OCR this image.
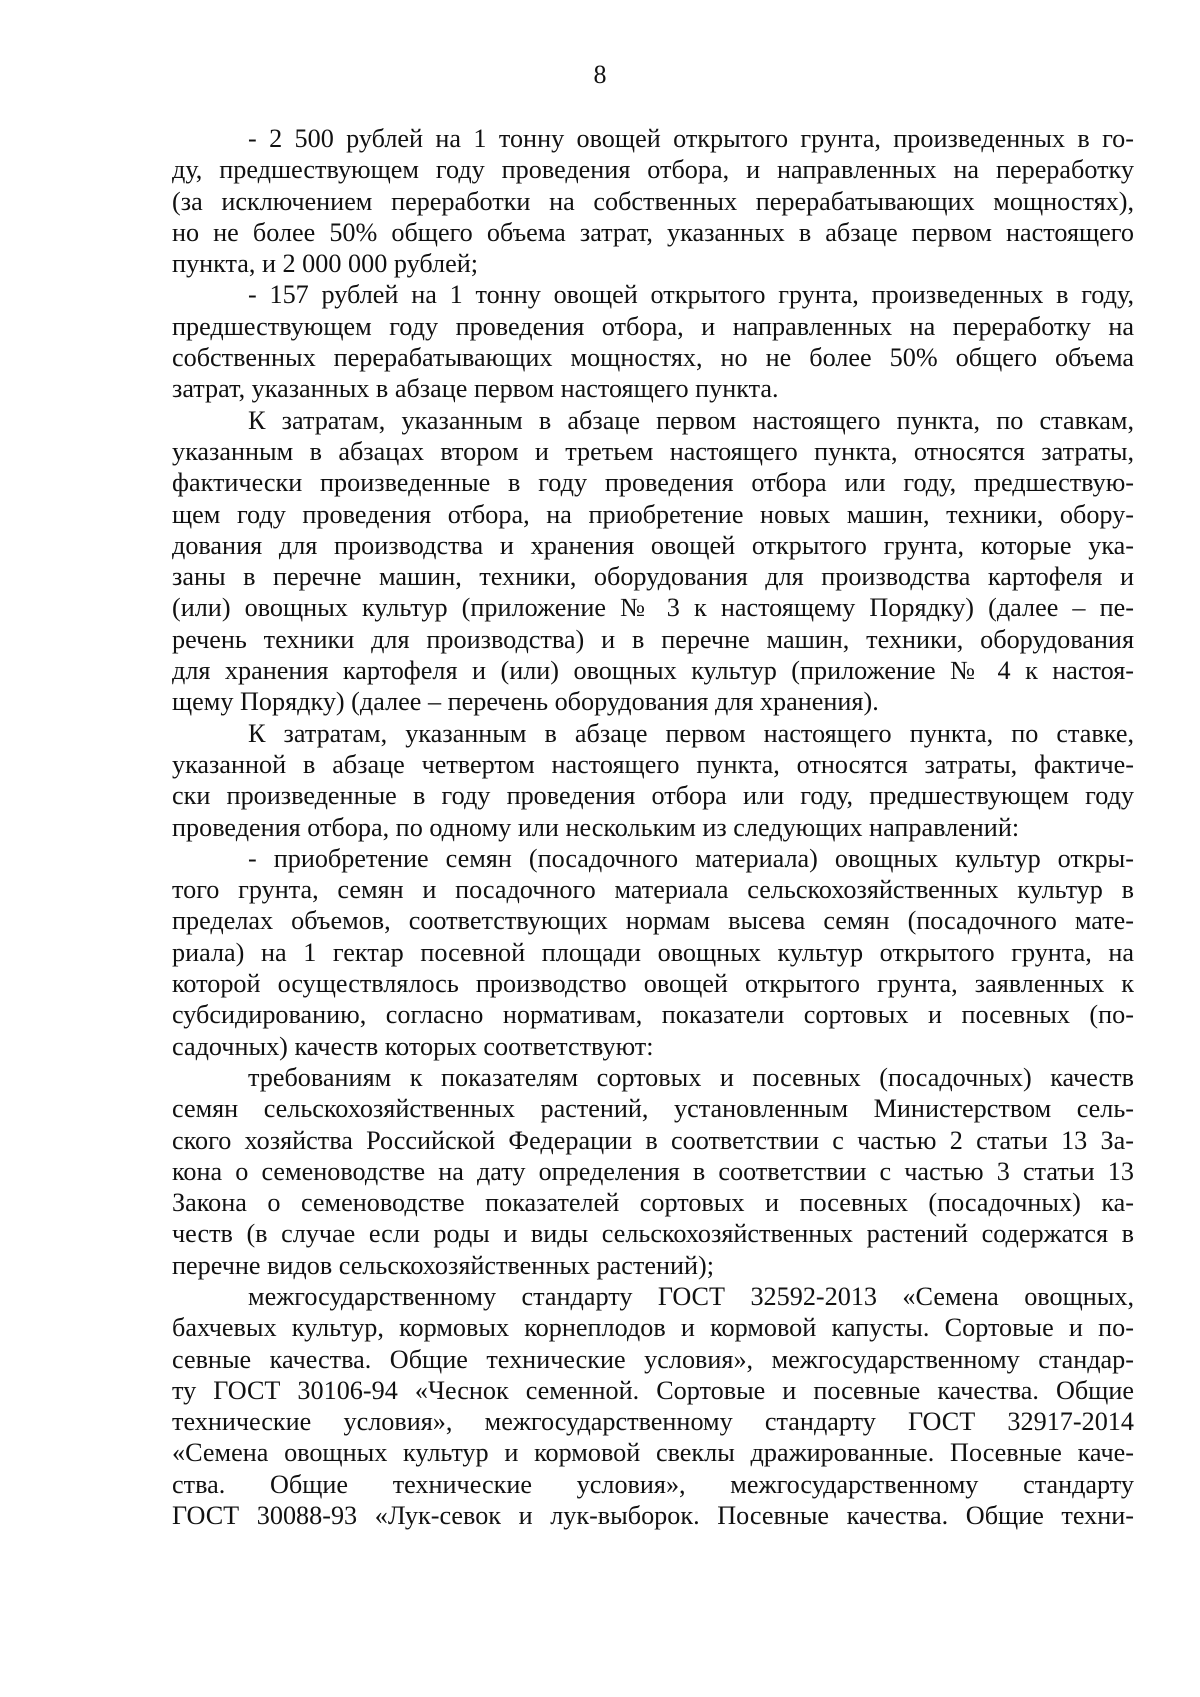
8

- 2 500 рублей на 1 тонну овощей открытого грунта, произведенных в го-
ду, предшествующем году проведения отбора, и направленных на переработку
(за исключением переработки на собственных перерабатывающих мощностях),
но не более 50% общего объема затрат, указанных в абзаце первом настоящего
пункта, и 2 000 000 рублей;

- 157 рублей на 1 тонну овощей открытого грунта, произведенных в году,
предшествующем году проведения отбора, и направленных на переработку на
собственных перерабатывающих мощностях, но не более 50% общего объема
затрат, указанных в абзаце первом настоящего пункта.

К затратам, указанным в абзаце первом настоящего пункта, по ставкам,
указанным в абзацах втором и третьем настоящего пункта, относятся затраты,
фактически произведенные в году проведения отбора или году, предшествую-
щем году проведения отбора, на приобретение новых машин, техники, обору-
дования для производства и хранения овощей открытого грунта, которые ука-
заны в перечне машин, техники, оборудования для производства картофеля и
(или) овощных культур (приложение № 3 к настоящему Порядку) (далее – пе-
речень техники для производства) и в перечне машин, техники, оборудования
для хранения картофеля и (или) овощных культур (приложение № 4 к настоя-
щему Порядку) (далее – перечень оборудования для хранения).

К затратам, указанным в абзаце первом настоящего пункта, по ставке,
указанной в абзаце четвертом настоящего пункта, относятся затраты, фактиче-
ски произведенные в году проведения отбора или году, предшествующем году
проведения отбора, по одному или нескольким из следующих направлений:

- приобретение семян (посадочного материала) овощных культур откры-
того грунта, семян и посадочного материала сельскохозяйственных культур в
пределах объемов, соответствующих нормам высева семян (посадочного мате-
риала) на 1 гектар посевной площади овощных культур открытого грунта, на
которой осуществлялось производство овощей открытого грунта, заявленных к
субсидированию, согласно нормативам, показатели сортовых и посевных (по-
садочных) качеств которых соответствуют:

требованиям к показателям сортовых и посевных (посадочных) качеств
семян сельскохозяйственных растений, установленным Министерством сель-
ского хозяйства Российской Федерации в соответствии с частью 2 статьи 13 За-
кона о семеноводстве на дату определения в соответствии с частью 3 статьи 13
Закона о семеноводстве показателей сортовых и посевных (посадочных) ка-
честв (в случае если роды и виды сельскохозяйственных растений содержатся в
перечне видов сельскохозяйственных растений);

межгосударственному стандарту ГОСТ 32592-2013 «Семена овощных,
бахчевых культур, кормовых корнеплодов и кормовой капусты. Сортовые и по-
севные качества. Общие технические условия», межгосударственному стандар-
ту ГОСТ 30106-94 «Чеснок семенной. Сортовые и посевные качества. Общие
технические условия», межгосударственному стандарту ГОСТ 32917-2014
«Семена овощных культур и кормовой свеклы дражированные. Посевные каче-
ства. Общие технические условия», межгосударственному стандарту
ГОСТ 30088-93 «Лук-севок и лук-выборок. Посевные качества. Общие техни-
